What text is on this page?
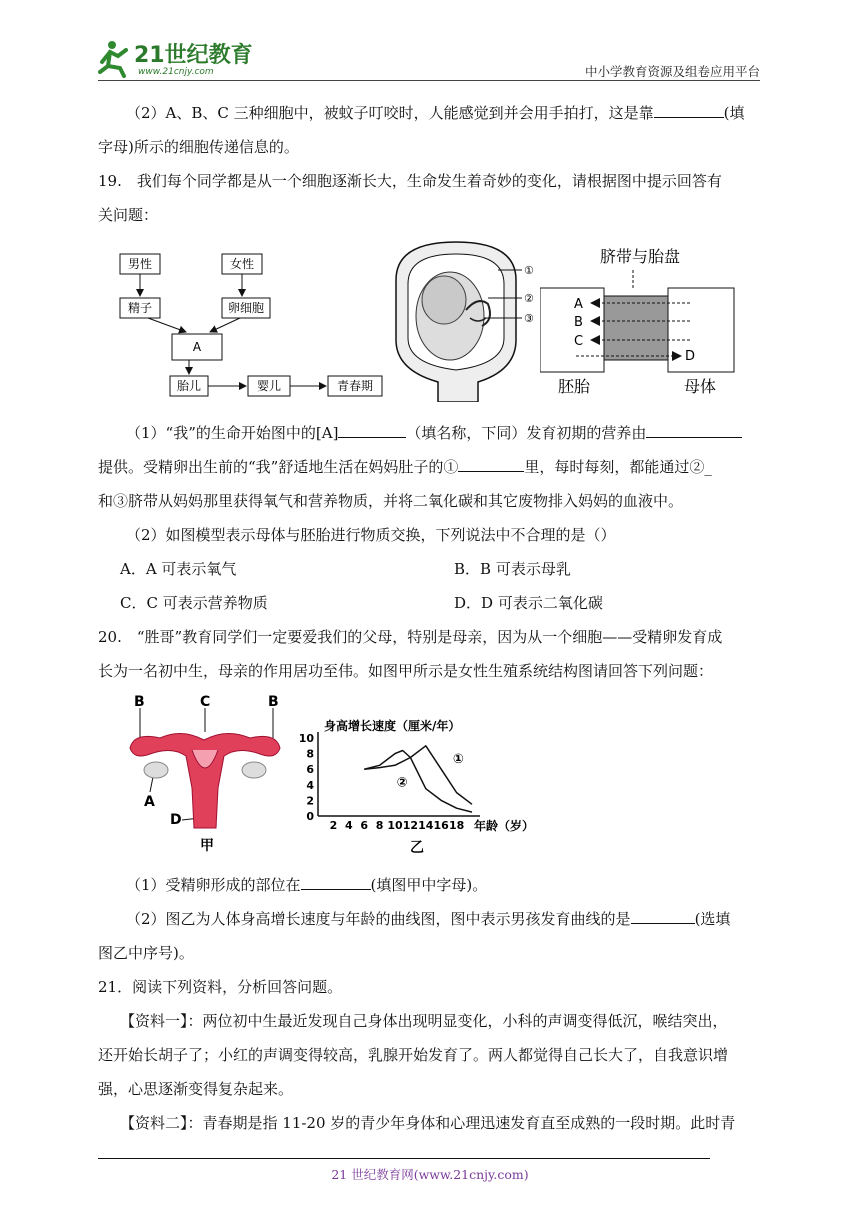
21世纪教育
www.21cnjy.com	中小学教育资源及组卷应用平台
（2）A、B、C 三种细胞中，被蚊子叮咬时，人能感觉到并会用手拍打，这是靠	(填
字母)所示的细胞传递信息的。
19.　我们每个同学都是从一个细胞逐渐长大，生命发生着奇妙的变化，请根据图中提示回答有
关问题：
男性	女性
精子	卵细胞
A
胎儿	婴儿	青春期
①
②
③
脐带与胎盘
A
B
C
D
胚胎	母体
（1）“我”的生命开始图中的[A]	（填名称，下同）发育初期的营养由
提供。受精卵出生前的“我”舒适地生活在妈妈肚子的①	里，每时每刻，都能通过②_
和③脐带从妈妈那里获得氧气和营养物质，并将二氧化碳和其它废物排入妈妈的血液中。
（2）如图模型表示母体与胚胎进行物质交换，下列说法中不合理的是（）
A．A 可表示氧气	B．B 可表示母乳
C．C 可表示营养物质	D．D 可表示二氧化碳
20.　“胜哥”教育同学们一定要爱我们的父母，特别是母亲，因为从一个细胞——受精卵发育成
长为一名初中生，母亲的作用居功至伟。如图甲所示是女性生殖系统结构图请回答下列问题：
B	C	B
A
D
甲
身高增长速度（厘米/年）
年龄（岁）
乙
2 4 6 8 10 12 14 16 18
0
2
4
6
8
10
①
②
（1）受精卵形成的部位在	(填图甲中字母)。
（2）图乙为人体身高增长速度与年龄的曲线图，图中表示男孩发育曲线的是	(选填
图乙中序号)。
21．阅读下列资料，分析回答问题。
【资料一】：两位初中生最近发现自己身体出现明显变化，小科的声调变得低沉，喉结突出，
还开始长胡子了；小红的声调变得较高，乳腺开始发育了。两人都觉得自己长大了，自我意识增
强，心思逐渐变得复杂起来。
【资料二】：青春期是指 11-20 岁的青少年身体和心理迅速发育直至成熟的一段时期。此时青
21 世纪教育网(www.21cnjy.com)
